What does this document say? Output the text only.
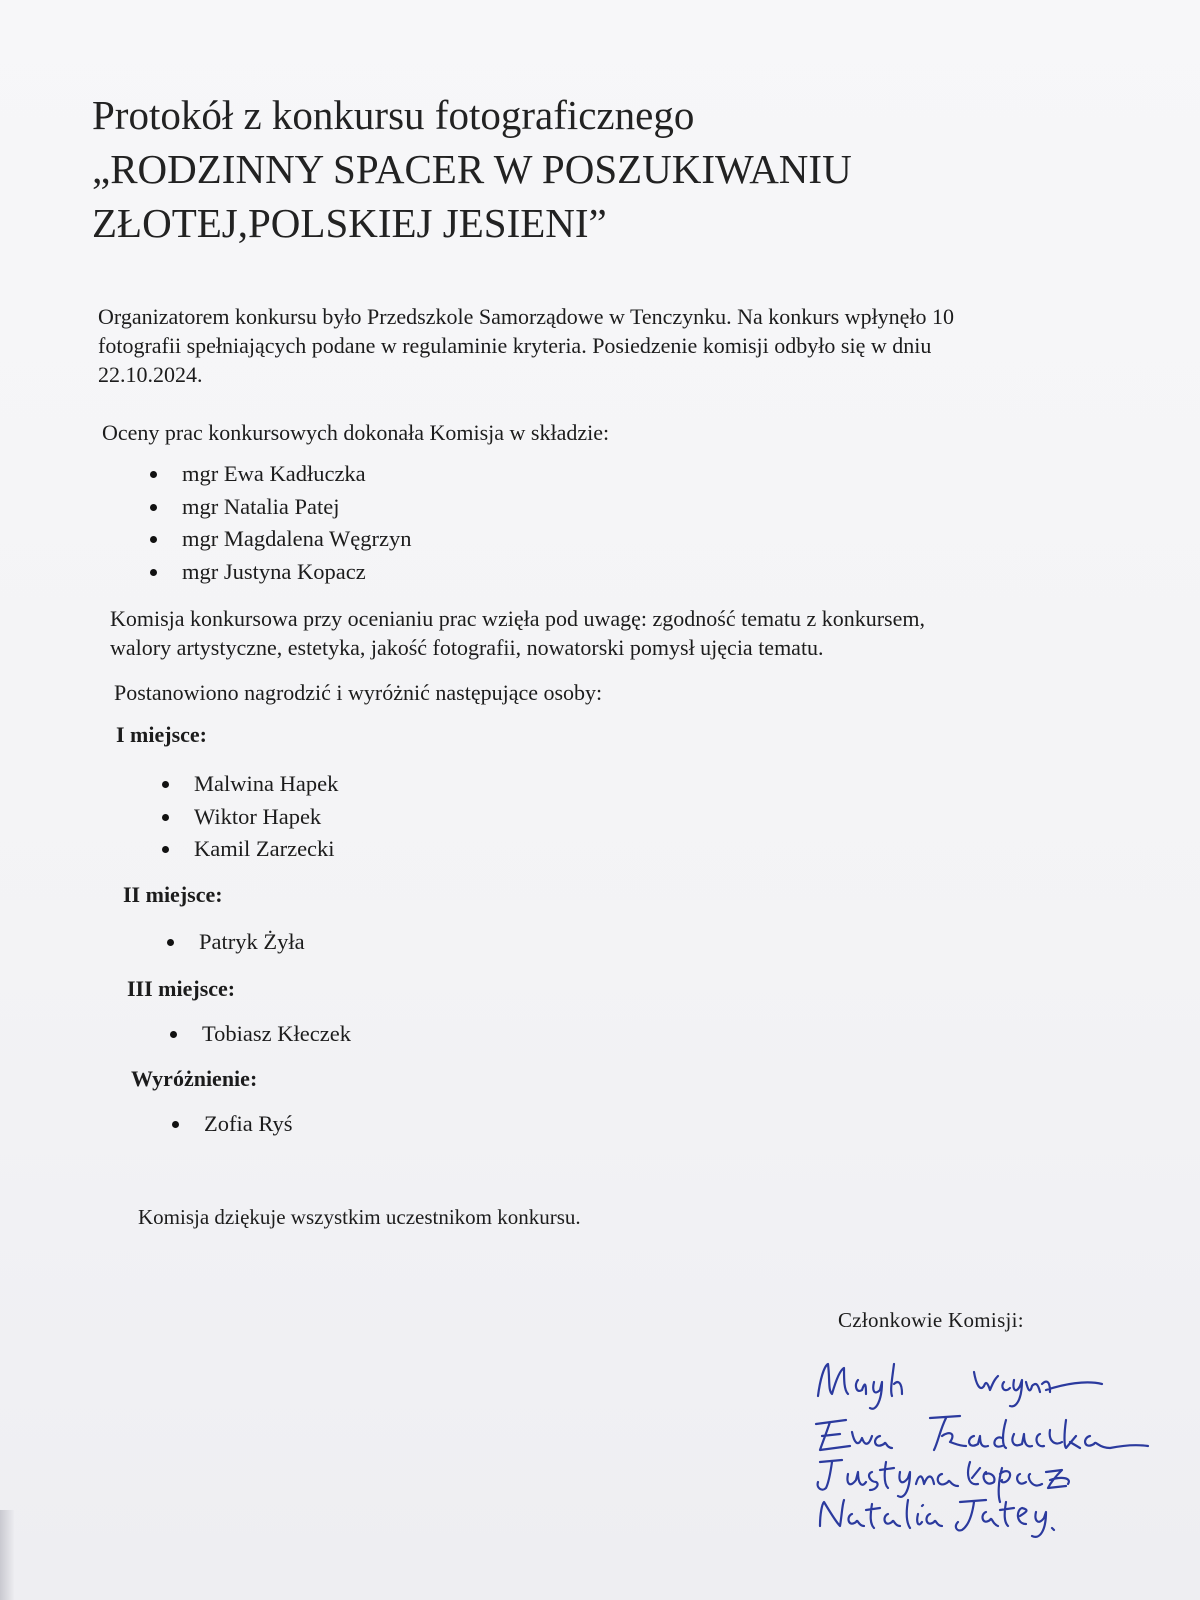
Protokół z konkursu fotograficznego
„RODZINNY SPACER W POSZUKIWANIU
ZŁOTEJ,POLSKIEJ JESIENI”
Organizatorem konkursu było Przedszkole Samorządowe w Tenczynku. Na konkurs wpłynęło 10
fotografii spełniających podane w regulaminie kryteria. Posiedzenie komisji odbyło się w dniu
22.10.2024.
Oceny prac konkursowych dokonała Komisja w składzie:
mgr Ewa Kadłuczka
mgr Natalia Patej
mgr Magdalena Węgrzyn
mgr Justyna Kopacz
Komisja konkursowa przy ocenianiu prac wzięła pod uwagę: zgodność tematu z konkursem,
walory artystyczne, estetyka, jakość fotografii, nowatorski pomysł ujęcia tematu.
Postanowiono nagrodzić i wyróżnić następujące osoby:
I miejsce:
Malwina Hapek
Wiktor Hapek
Kamil Zarzecki
II miejsce:
Patryk Żyła
III miejsce:
Tobiasz Kłeczek
Wyróżnienie:
Zofia Ryś
Komisja dziękuje wszystkim uczestnikom konkursu.
Członkowie Komisji:
